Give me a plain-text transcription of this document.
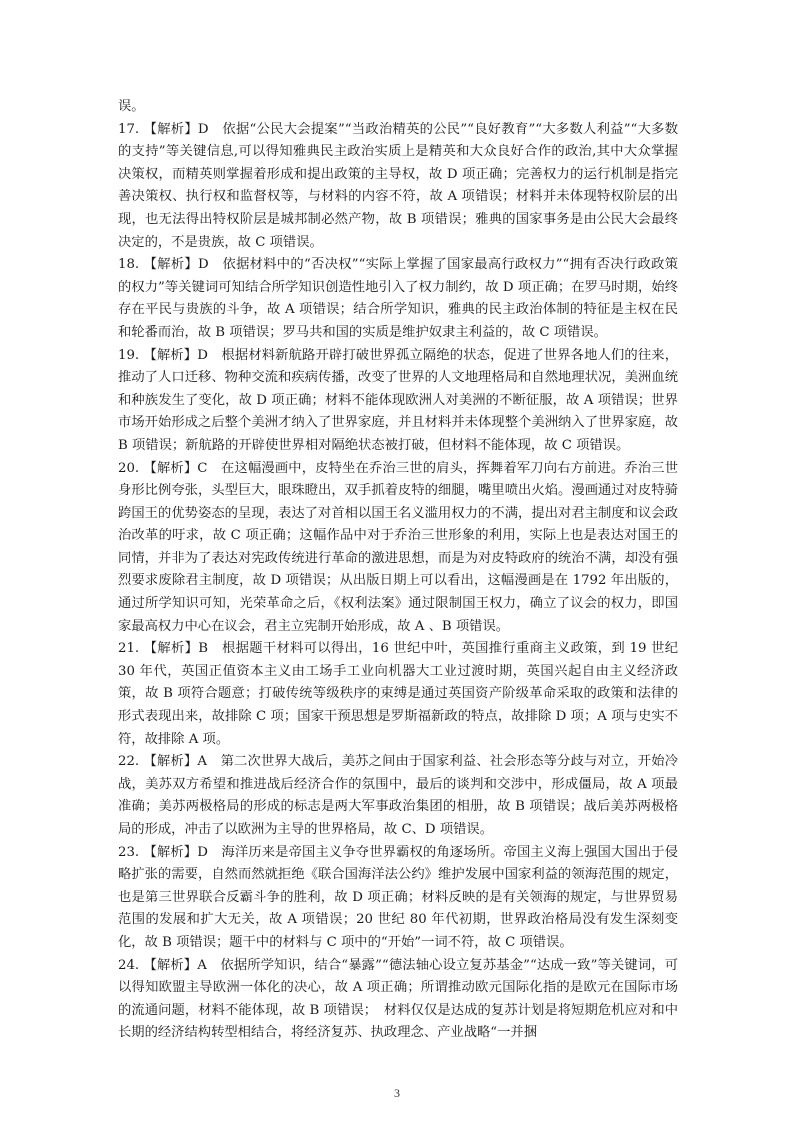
误。

17. 【解析】D　依据“公民大会提案”“当政治精英的公民”“良好教育”“大多数人利益”“大多数的支持”等关键信息,可以得知雅典民主政治实质上是精英和大众良好合作的政治,其中大众掌握决策权，而精英则掌握着形成和提出政策的主导权，故 D 项正确；完善权力的运行机制是指完善决策权、执行权和监督权等，与材料的内容不符，故 A 项错误；材料并未体现特权阶层的出现，也无法得出特权阶层是城邦制必然产物，故 B 项错误；雅典的国家事务是由公民大会最终决定的，不是贵族，故 C 项错误。

18. 【解析】D　依据材料中的“否决权”“实际上掌握了国家最高行政权力”“拥有否决行政政策的权力”等关键词可知结合所学知识创造性地引入了权力制约，故 D 项正确；在罗马时期，始终存在平民与贵族的斗争，故 A 项错误；结合所学知识，雅典的民主政治体制的特征是主权在民和轮番而治，故 B 项错误；罗马共和国的实质是维护奴隶主利益的，故 C 项错误。

19. 【解析】D　根据材料新航路开辟打破世界孤立隔绝的状态，促进了世界各地人们的往来，推动了人口迁移、物种交流和疾病传播，改变了世界的人文地理格局和自然地理状况，美洲血统和种族发生了变化，故 D 项正确；材料不能体现欧洲人对美洲的不断征服，故 A 项错误；世界市场开始形成之后整个美洲才纳入了世界家庭，并且材料并未体现整个美洲纳入了世界家庭，故 B 项错误；新航路的开辟使世界相对隔绝状态被打破，但材料不能体现，故 C 项错误。

20. 【解析】C　在这幅漫画中，皮特坐在乔治三世的肩头，挥舞着军刀向右方前进。乔治三世身形比例夸张，头型巨大，眼珠瞪出，双手抓着皮特的细腿，嘴里喷出火焰。漫画通过对皮特骑跨国王的优势姿态的呈现，表达了对首相以国王名义滥用权力的不满，提出对君主制度和议会政治改革的吁求，故 C 项正确；这幅作品中对于乔治三世形象的利用，实际上也是表达对国王的同情，并非为了表达对宪政传统进行革命的激进思想，而是为对皮特政府的统治不满，却没有强烈要求废除君主制度，故 D 项错误；从出版日期上可以看出，这幅漫画是在 1792 年出版的，通过所学知识可知，光荣革命之后，《权利法案》通过限制国王权力，确立了议会的权力，即国家最高权力中心在议会，君主立宪制开始形成，故 A 、B 项错误。

21. 【解析】B　根据题干材料可以得出，16 世纪中叶，英国推行重商主义政策，到 19 世纪 30 年代，英国正值资本主义由工场手工业向机器大工业过渡时期，英国兴起自由主义经济政策，故 B 项符合题意；打破传统等级秩序的束缚是通过英国资产阶级革命采取的政策和法律的形式表现出来，故排除 C 项；国家干预思想是罗斯福新政的特点，故排除 D 项；A 项与史实不符，故排除 A 项。

22. 【解析】A　第二次世界大战后，美苏之间由于国家利益、社会形态等分歧与对立，开始冷战，美苏双方希望和推进战后经济合作的氛围中，最后的谈判和交涉中，形成僵局，故 A 项最准确；美苏两极格局的形成的标志是两大军事政治集团的相册，故 B 项错误；战后美苏两极格局的形成，冲击了以欧洲为主导的世界格局，故 C、D 项错误。

23. 【解析】D　海洋历来是帝国主义争夺世界霸权的角逐场所。帝国主义海上强国大国出于侵略扩张的需要，自然而然就拒绝《联合国海洋法公约》维护发展中国家利益的领海范围的规定，也是第三世界联合反霸斗争的胜利，故 D 项正确；材料反映的是有关领海的规定，与世界贸易范围的发展和扩大无关，故 A 项错误；20 世纪 80 年代初期，世界政治格局没有发生深刻变化，故 B 项错误；题干中的材料与 C 项中的“开始”一词不符，故 C 项错误。

24. 【解析】A　依据所学知识，结合“暴露”“德法轴心设立复苏基金”“达成一致”等关键词，可以得知欧盟主导欧洲一体化的决心，故 A 项正确；所谓推动欧元国际化指的是欧元在国际市场的流通问题，材料不能体现，故 B 项错误；　材料仅仅是达成的复苏计划是将短期危机应对和中长期的经济结构转型相结合，将经济复苏、执政理念、产业战略“一并捆

3
